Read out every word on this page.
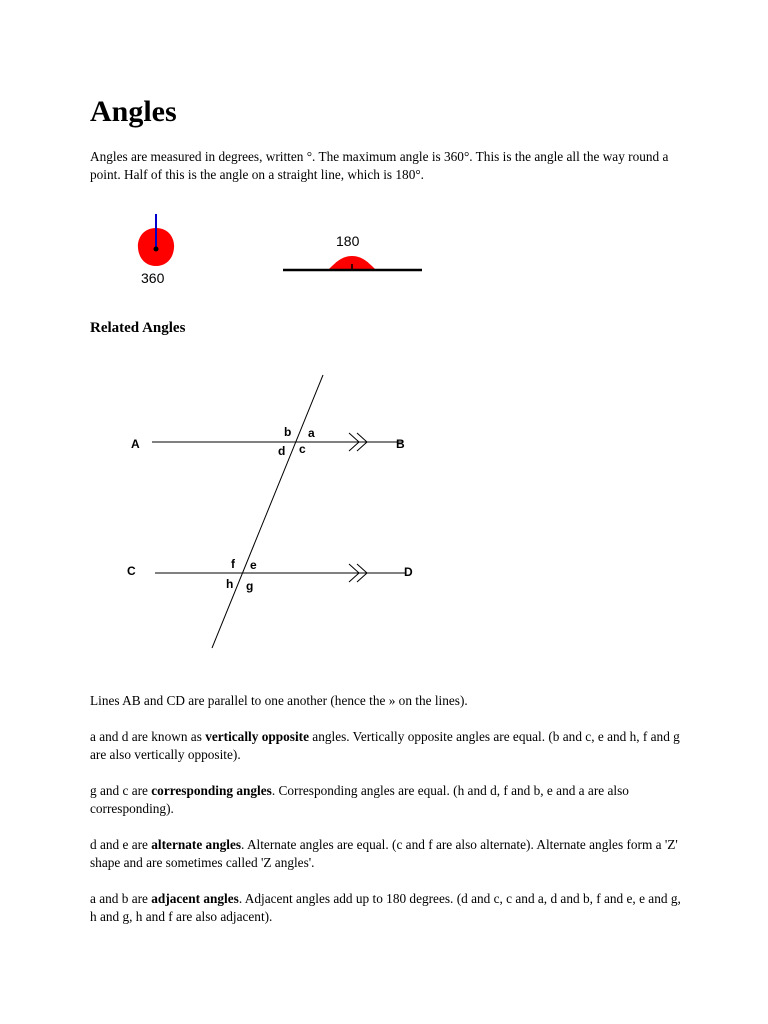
Angles

Angles are measured in degrees, written °. The maximum angle is 360°. This is the angle all the way round a point. Half of this is the angle on a straight line, which is 180°.

360
180
Related Angles
A	B
C	D
b a
d c
f e
h g

Lines AB and CD are parallel to one another (hence the » on the lines).

a and d are known as vertically opposite angles. Vertically opposite angles are equal. (b and c, e and h, f and g are also vertically opposite).

g and c are corresponding angles. Corresponding angles are equal. (h and d, f and b, e and a are also corresponding).

d and e are alternate angles. Alternate angles are equal. (c and f are also alternate). Alternate angles form a 'Z' shape and are sometimes called 'Z angles'.

a and b are adjacent angles. Adjacent angles add up to 180 degrees. (d and c, c and a, d and b, f and e, e and g, h and g, h and f are also adjacent).
